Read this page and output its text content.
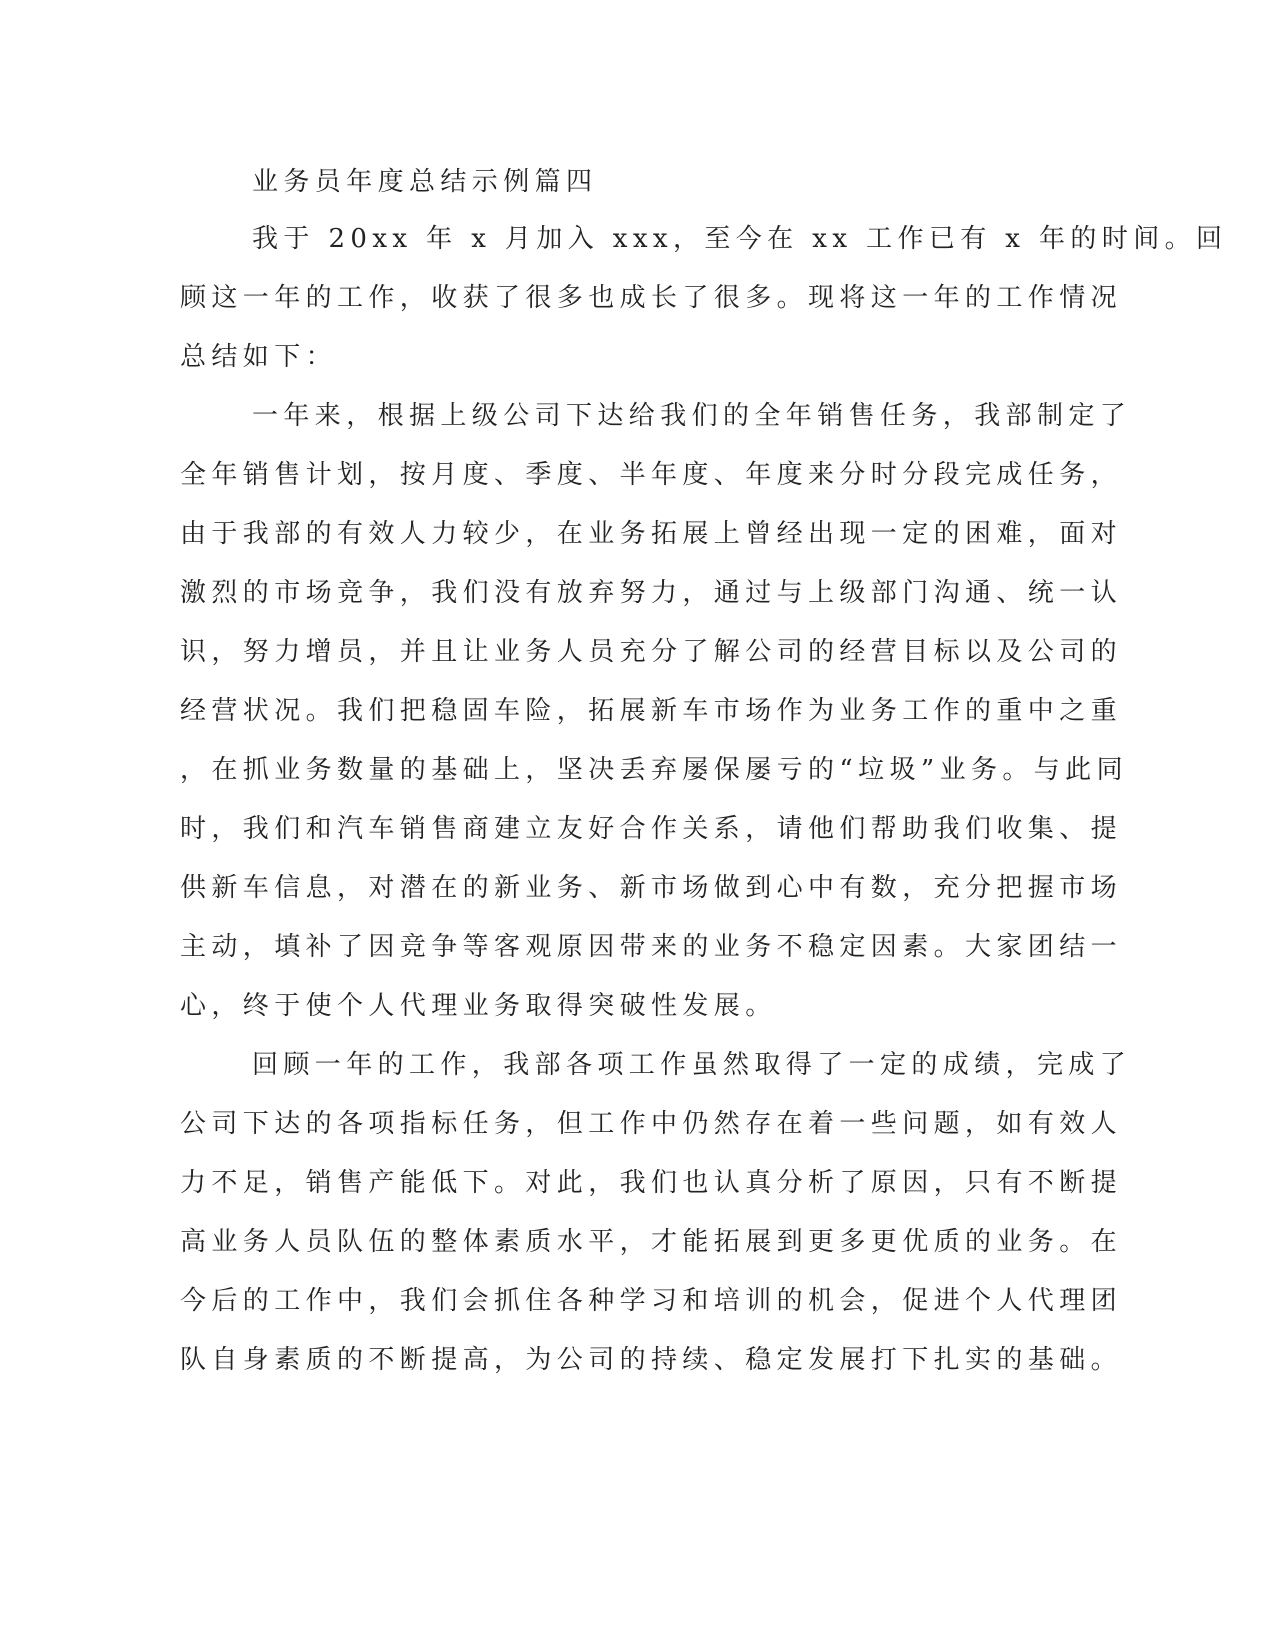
业务员年度总结示例篇四
我于 20xx 年 x 月加入 xxx，至今在 xx 工作已有 x 年的时间。回
顾这一年的工作，收获了很多也成长了很多。现将这一年的工作情况
总结如下：
一年来，根据上级公司下达给我们的全年销售任务，我部制定了
全年销售计划，按月度、季度、半年度、年度来分时分段完成任务，
由于我部的有效人力较少，在业务拓展上曾经出现一定的困难，面对
激烈的市场竞争，我们没有放弃努力，通过与上级部门沟通、统一认
识，努力增员，并且让业务人员充分了解公司的经营目标以及公司的
经营状况。我们把稳固车险，拓展新车市场作为业务工作的重中之重
，在抓业务数量的基础上，坚决丢弃屡保屡亏的“垃圾”业务。与此同
时，我们和汽车销售商建立友好合作关系，请他们帮助我们收集、提
供新车信息，对潜在的新业务、新市场做到心中有数，充分把握市场
主动，填补了因竞争等客观原因带来的业务不稳定因素。大家团结一
心，终于使个人代理业务取得突破性发展。
回顾一年的工作，我部各项工作虽然取得了一定的成绩，完成了
公司下达的各项指标任务，但工作中仍然存在着一些问题，如有效人
力不足，销售产能低下。对此，我们也认真分析了原因，只有不断提
高业务人员队伍的整体素质水平，才能拓展到更多更优质的业务。在
今后的工作中，我们会抓住各种学习和培训的机会，促进个人代理团
队自身素质的不断提高，为公司的持续、稳定发展打下扎实的基础。
